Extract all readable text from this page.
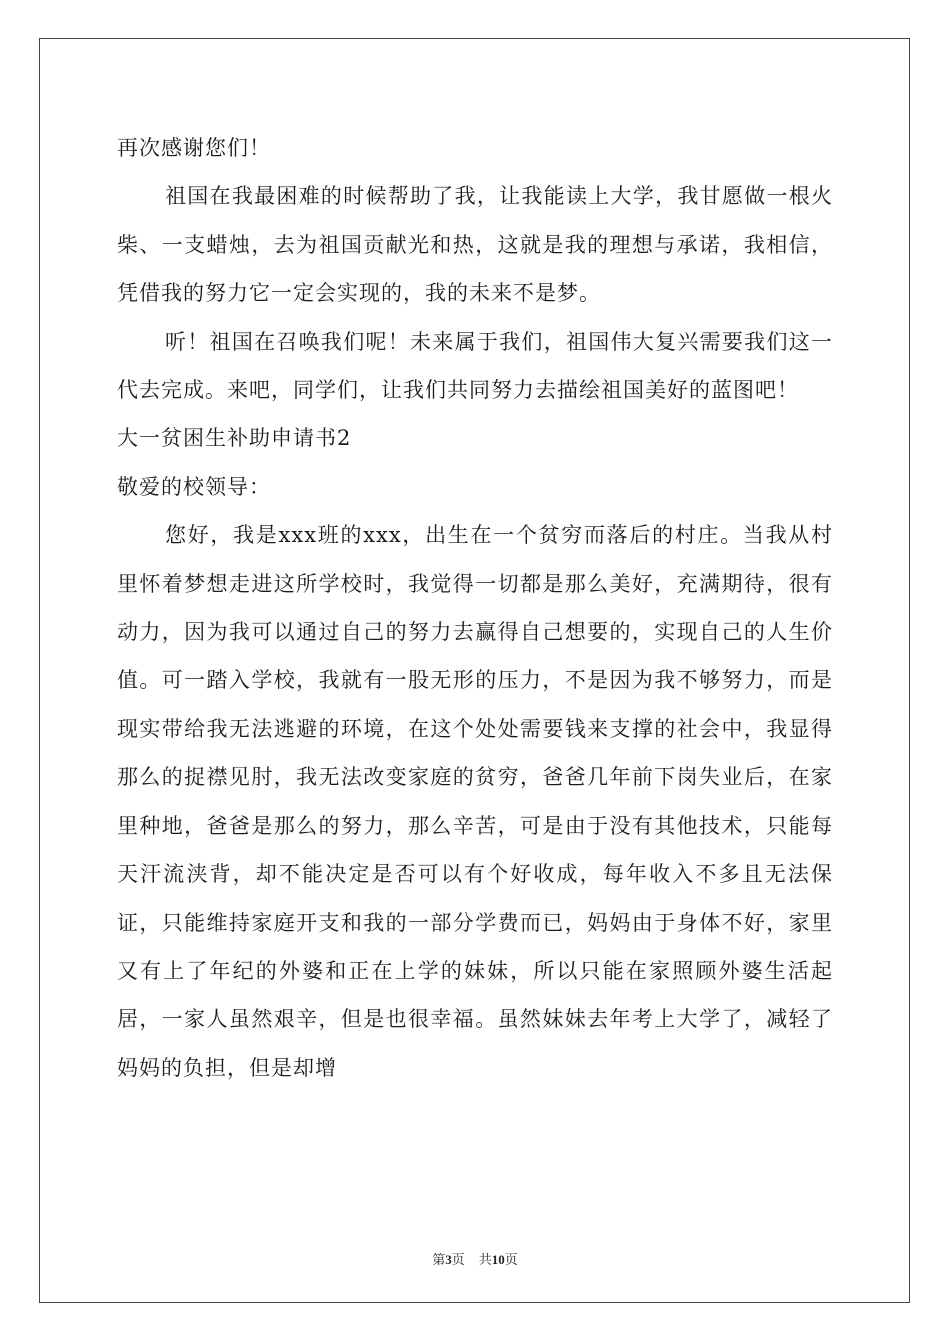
再次感谢您们！

祖国在我最困难的时候帮助了我，让我能读上大学，我甘愿做一根火柴、一支蜡烛，去为祖国贡献光和热，这就是我的理想与承诺，我相信，凭借我的努力它一定会实现的，我的未来不是梦。

听！祖国在召唤我们呢！未来属于我们，祖国伟大复兴需要我们这一代去完成。来吧，同学们，让我们共同努力去描绘祖国美好的蓝图吧！

大一贫困生补助申请书2

敬爱的校领导：

您好，我是xxx班的xxx，出生在一个贫穷而落后的村庄。当我从村里怀着梦想走进这所学校时，我觉得一切都是那么美好，充满期待，很有动力，因为我可以通过自己的努力去赢得自己想要的，实现自己的人生价值。可一踏入学校，我就有一股无形的压力，不是因为我不够努力，而是现实带给我无法逃避的环境，在这个处处需要钱来支撑的社会中，我显得那么的捉襟见肘，我无法改变家庭的贫穷，爸爸几年前下岗失业后，在家里种地，爸爸是那么的努力，那么辛苦，可是由于没有其他技术，只能每天汗流浃背，却不能决定是否可以有个好收成，每年收入不多且无法保证，只能维持家庭开支和我的一部分学费而已，妈妈由于身体不好，家里又有上了年纪的外婆和正在上学的妹妹，所以只能在家照顾外婆生活起居，一家人虽然艰辛，但是也很幸福。虽然妹妹去年考上大学了，减轻了妈妈的负担，但是却增

第3页 共10页
